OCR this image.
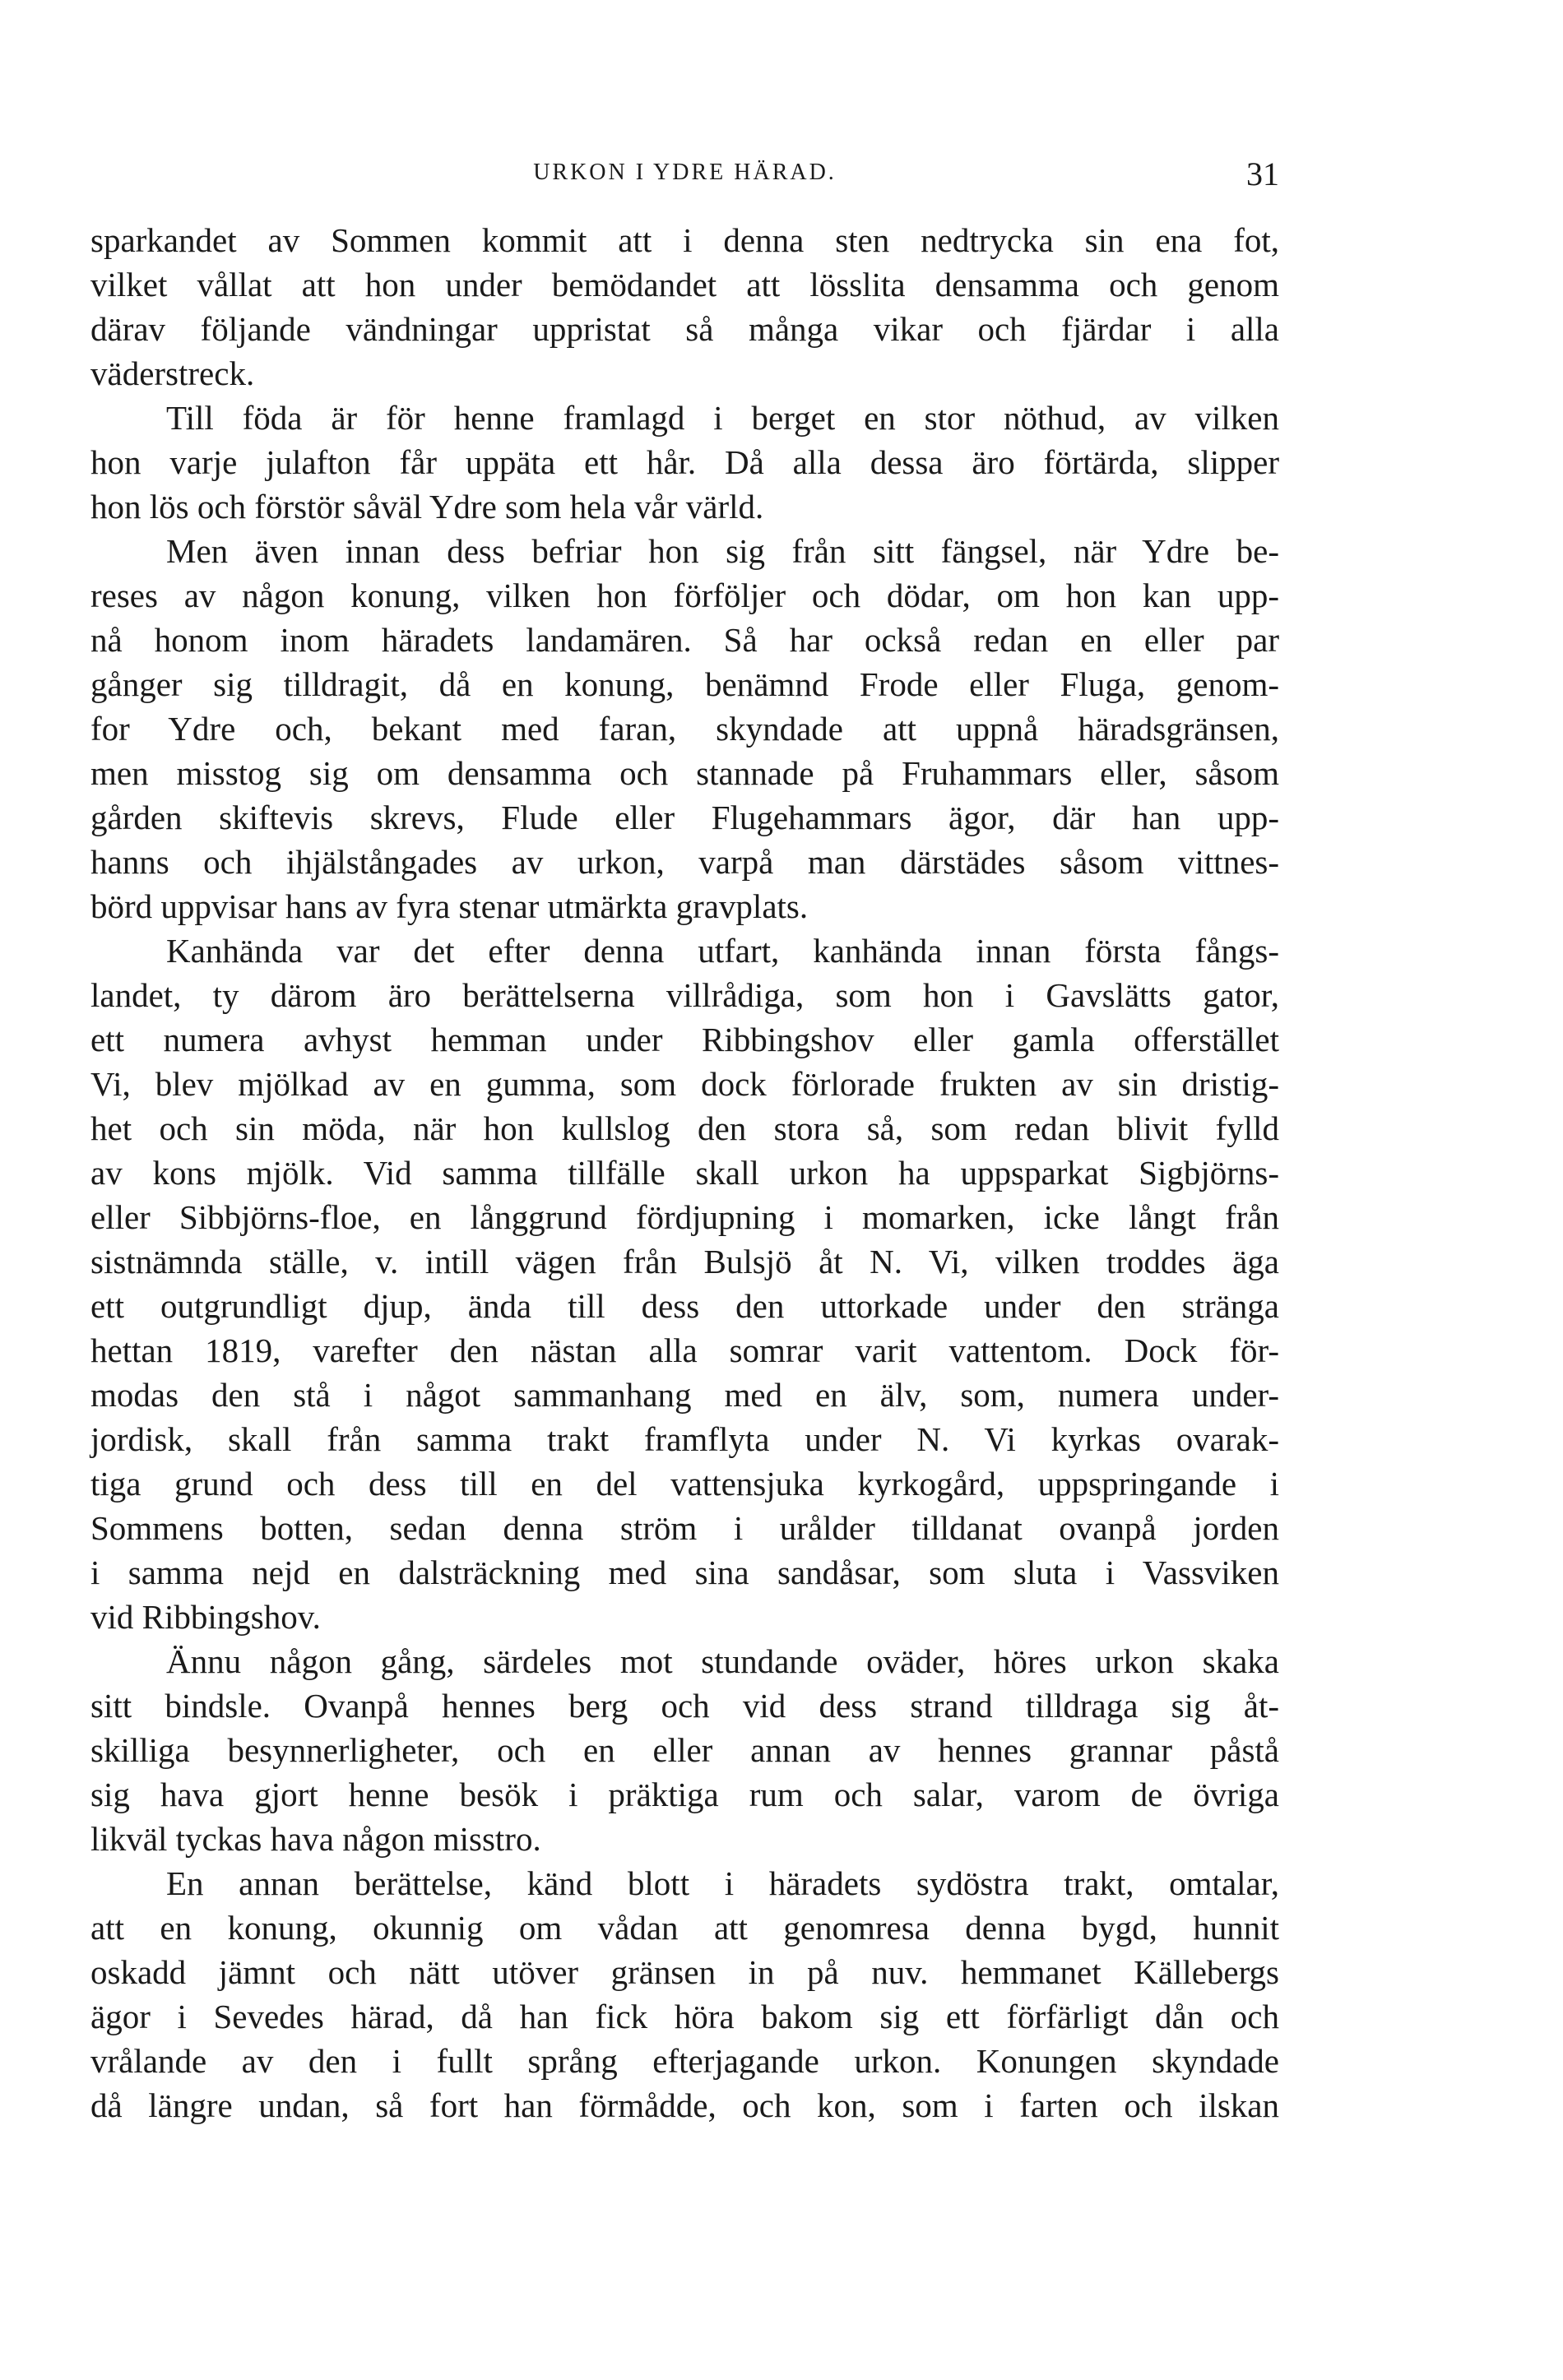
URKON I YDRE HÄRAD.	31
sparkandet av Sommen kommit att i denna sten nedtrycka sin ena fot,
vilket vållat att hon under bemödandet att lösslita densamma och genom
därav följande vändningar uppristat så många vikar och fjärdar i alla
väderstreck.
Till föda är för henne framlagd i berget en stor nöthud, av vilken
hon varje julafton får uppäta ett hår. Då alla dessa äro förtärda, slipper
hon lös och förstör såväl Ydre som hela vår värld.
Men även innan dess befriar hon sig från sitt fängsel, när Ydre be-
reses av någon konung, vilken hon förföljer och dödar, om hon kan upp-
nå honom inom häradets landamären. Så har också redan en eller par
gånger sig tilldragit, då en konung, benämnd Frode eller Fluga, genom-
for Ydre och, bekant med faran, skyndade att uppnå häradsgränsen,
men misstog sig om densamma och stannade på Fruhammars eller, såsom
gården skiftevis skrevs, Flude eller Flugehammars ägor, där han upp-
hanns och ihjälstångades av urkon, varpå man därstädes såsom vittnes-
börd uppvisar hans av fyra stenar utmärkta gravplats.
Kanhända var det efter denna utfart, kanhända innan första fångs-
landet, ty därom äro berättelserna villrådiga, som hon i Gavslätts gator,
ett numera avhyst hemman under Ribbingshov eller gamla offerstället
Vi, blev mjölkad av en gumma, som dock förlorade frukten av sin dristig-
het och sin möda, när hon kullslog den stora så, som redan blivit fylld
av kons mjölk. Vid samma tillfälle skall urkon ha uppsparkat Sigbjörns-
eller Sibbjörns-floe, en långgrund fördjupning i momarken, icke långt från
sistnämnda ställe, v. intill vägen från Bulsjö åt N. Vi, vilken troddes äga
ett outgrundligt djup, ända till dess den uttorkade under den stränga
hettan 1819, varefter den nästan alla somrar varit vattentom. Dock för-
modas den stå i något sammanhang med en älv, som, numera under-
jordisk, skall från samma trakt framflyta under N. Vi kyrkas ovarak-
tiga grund och dess till en del vattensjuka kyrkogård, uppspringande i
Sommens botten, sedan denna ström i urålder tilldanat ovanpå jorden
i samma nejd en dalsträckning med sina sandåsar, som sluta i Vassviken
vid Ribbingshov.
Ännu någon gång, särdeles mot stundande oväder, höres urkon skaka
sitt bindsle. Ovanpå hennes berg och vid dess strand tilldraga sig åt-
skilliga besynnerligheter, och en eller annan av hennes grannar påstå
sig hava gjort henne besök i präktiga rum och salar, varom de övriga
likväl tyckas hava någon misstro.
En annan berättelse, känd blott i häradets sydöstra trakt, omtalar,
att en konung, okunnig om vådan att genomresa denna bygd, hunnit
oskadd jämnt och nätt utöver gränsen in på nuv. hemmanet Källebergs
ägor i Sevedes härad, då han fick höra bakom sig ett förfärligt dån och
vrålande av den i fullt språng efterjagande urkon. Konungen skyndade
då längre undan, så fort han förmådde, och kon, som i farten och ilskan
